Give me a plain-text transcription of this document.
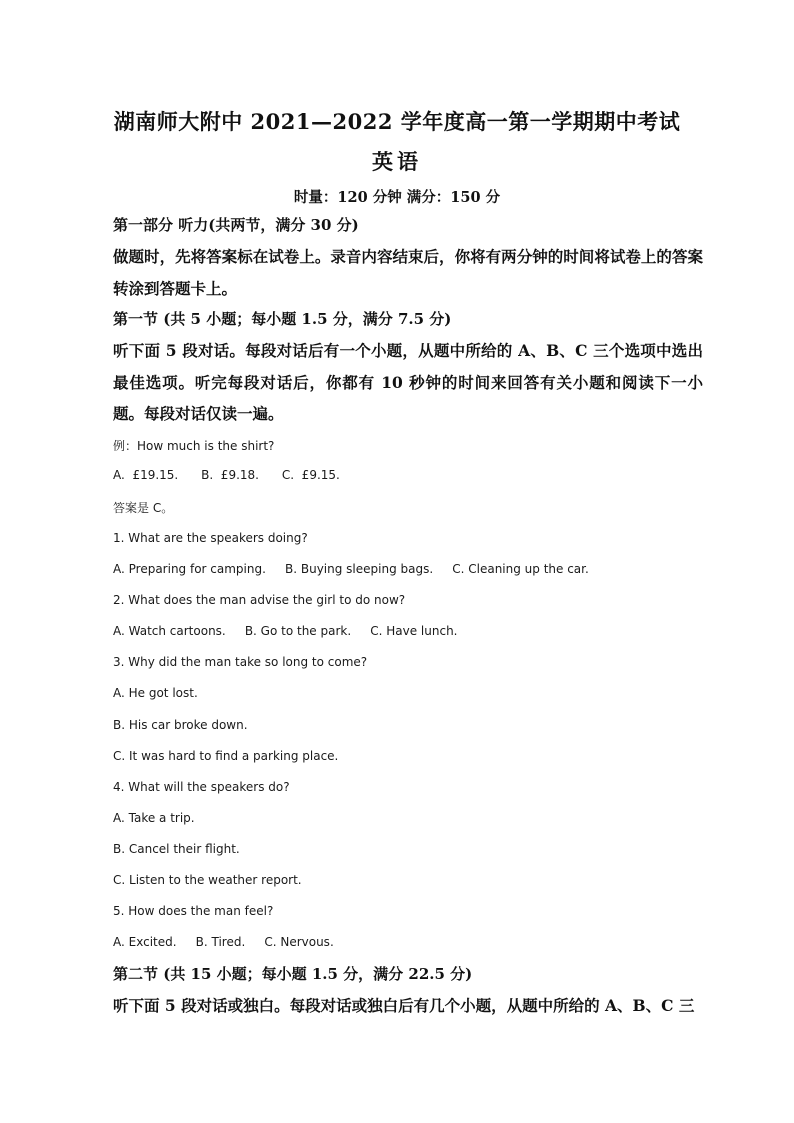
湖南师大附中 2021—2022 学年度高一第一学期期中考试
英语
时量：120 分钟 满分：150 分

第一部分 听力(共两节，满分 30 分)

做题时，先将答案标在试卷上。录音内容结束后，你将有两分钟的时间将试卷上的答案转涂到答题卡上。

第一节 (共 5 小题；每小题 1.5 分，满分 7.5 分)

听下面 5 段对话。每段对话后有一个小题，从题中所给的 A、B、C 三个选项中选出最佳选项。听完每段对话后，你都有 10 秒钟的时间来回答有关小题和阅读下一小题。每段对话仅读一遍。

例：How much is the shirt?
A.  £19.15.      B.  £9.18.      C.  £9.15.
答案是 C。
1. What are the speakers doing?
A. Preparing for camping.     B. Buying sleeping bags.     C. Cleaning up the car.
2. What does the man advise the girl to do now?
A. Watch cartoons.     B. Go to the park.     C. Have lunch.
3. Why did the man take so long to come?
A. He got lost.
B. His car broke down.
C. It was hard to find a parking place.
4. What will the speakers do?
A. Take a trip.
B. Cancel their flight.
C. Listen to the weather report.
5. How does the man feel?
A. Excited.     B. Tired.     C. Nervous.

第二节 (共 15 小题；每小题 1.5 分，满分 22.5 分)

听下面 5 段对话或独白。每段对话或独白后有几个小题，从题中所给的 A、B、C 三
